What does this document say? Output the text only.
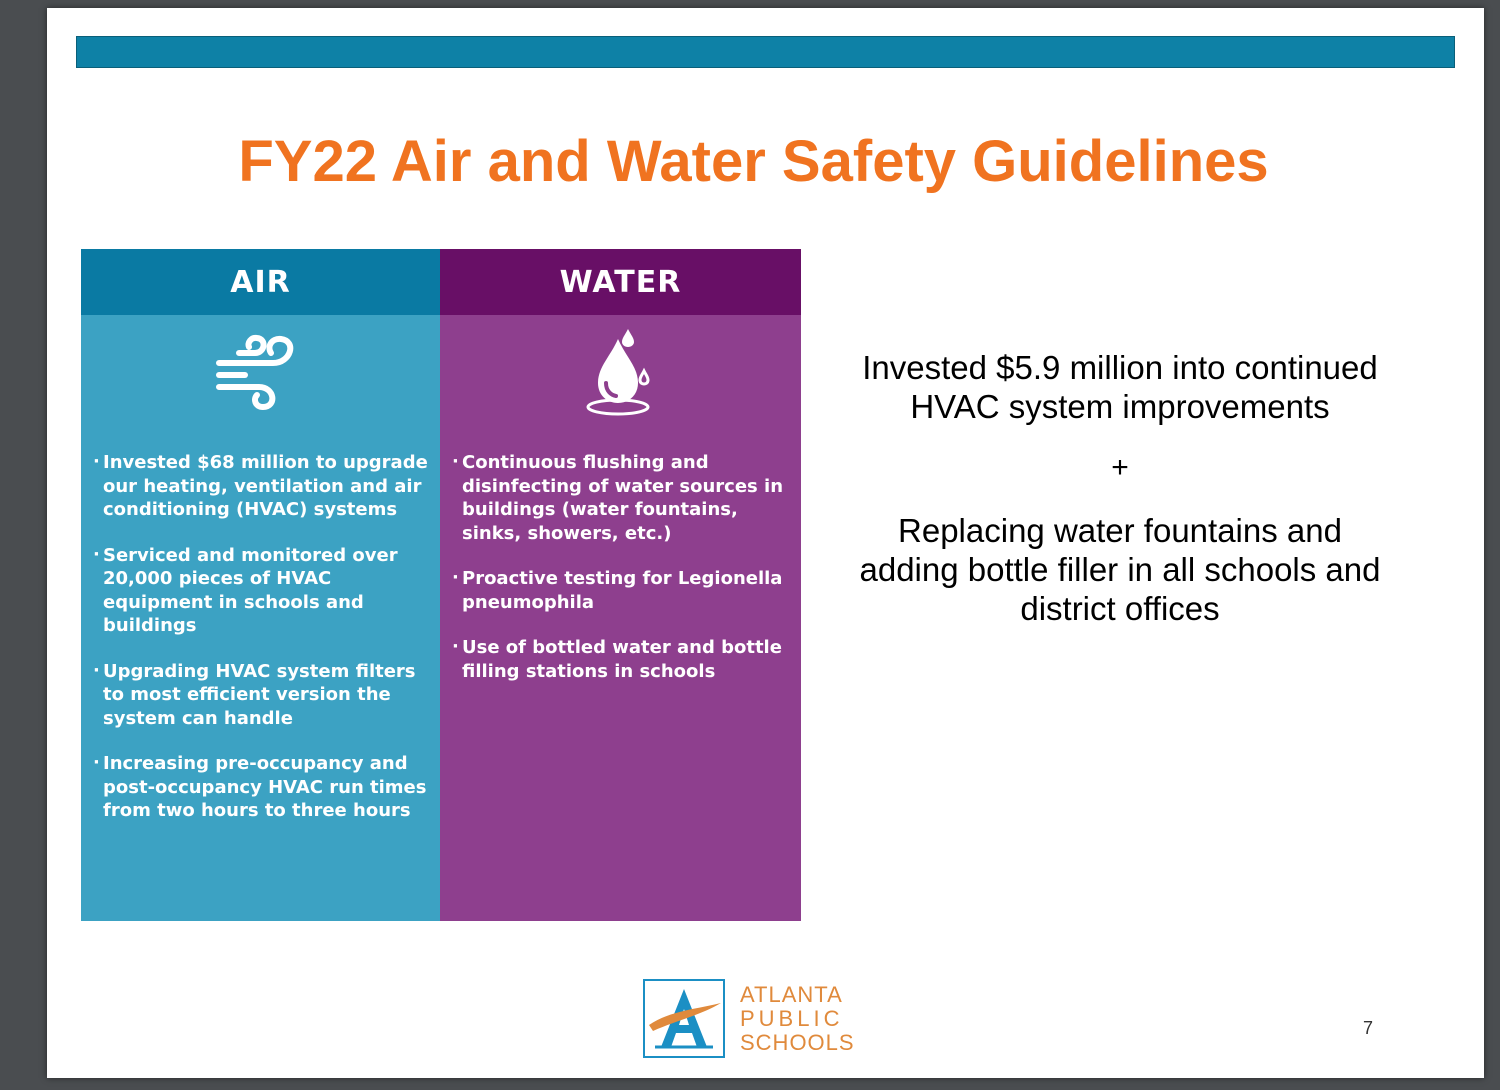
FY22 Air and Water Safety Guidelines
AIR
· Invested $68 million to upgrade our heating, ventilation and air conditioning (HVAC) systems
· Serviced and monitored over 20,000 pieces of HVAC equipment in schools and buildings
· Upgrading HVAC system filters to most efficient version the system can handle
· Increasing pre-occupancy and post-occupancy HVAC run times from two hours to three hours
WATER
· Continuous flushing and disinfecting of water sources in buildings (water fountains, sinks, showers, etc.)
· Proactive testing for Legionella pneumophila
· Use of bottled water and bottle filling stations in schools

Invested $5.9 million into continued HVAC system improvements

+

Replacing water fountains and adding bottle filler in all schools and district offices

ATLANTA
PUBLIC
SCHOOLS
7
